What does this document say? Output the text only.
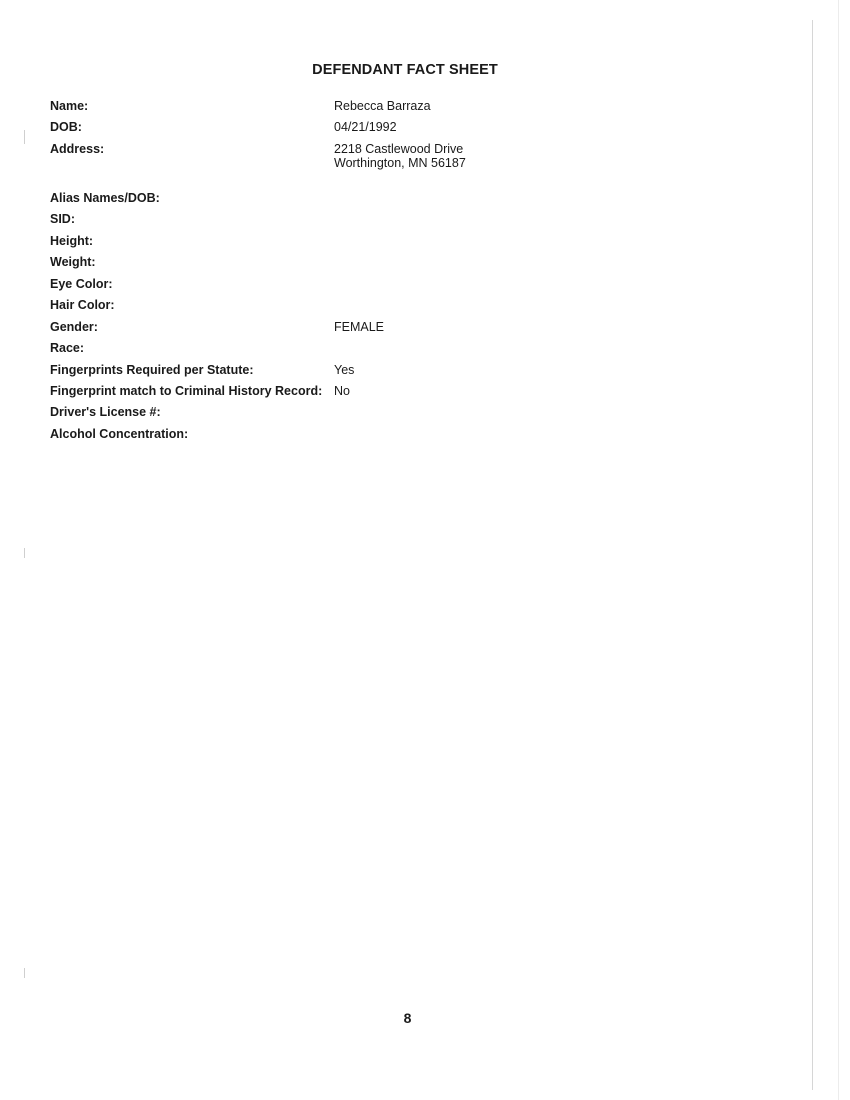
DEFENDANT FACT SHEET
Name:	Rebecca Barraza
DOB:	04/21/1992
Address:	2218 Castlewood Drive
Worthington, MN 56187
Alias Names/DOB:
SID:
Height:
Weight:
Eye Color:
Hair Color:
Gender:	FEMALE
Race:
Fingerprints Required per Statute:	Yes
Fingerprint match to Criminal History Record: No
Driver's License #:
Alcohol Concentration:
8
